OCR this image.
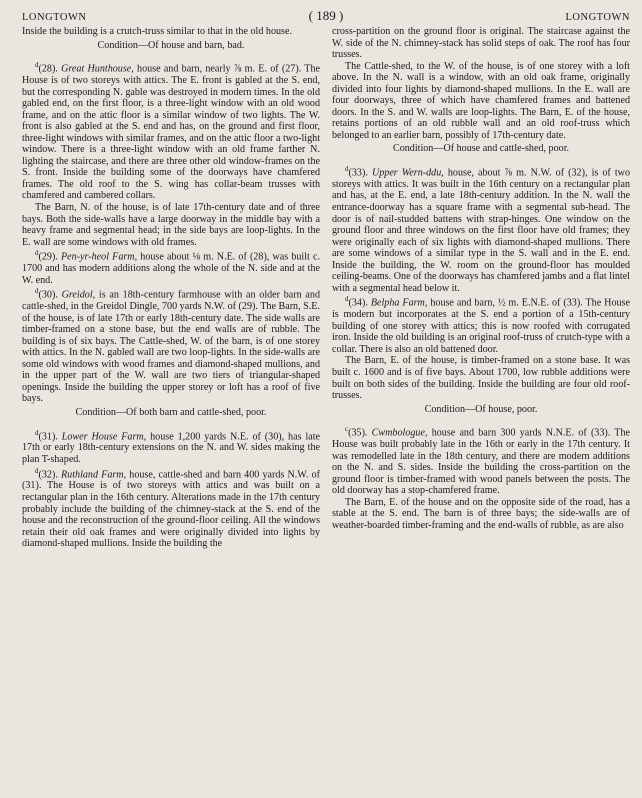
LONGTOWN	( 189 )	LONGTOWN

Inside the building is a crutch-truss similar to that in the old house.

Condition—Of house and barn, bad.

$^d$(28). Great Hunthouse, house and barn, nearly ⅞ m. E. of (27). The House is of two storeys with attics. The E. front is gabled at the S. end, but the corresponding N. gable was destroyed in modern times. In the old gabled end, on the first floor, is a three-light window with an old wood frame, and on the attic floor is a similar window of two lights. The W. front is also gabled at the S. end and has, on the ground and first floor, three-light windows with similar frames, and on the attic floor a two-light window. There is a three-light window with an old frame farther N. lighting the staircase, and there are three other old window-frames on the S. front. Inside the building some of the doorways have chamfered frames. The old roof to the S. wing has collar-beam trusses with chamfered and cambered collars.

The Barn, N. of the house, is of late 17th-century date and of three bays. Both the side-walls have a large doorway in the middle bay with a heavy frame and segmental head; in the side bays are loop-lights. In the E. wall are some windows with old frames.

$^d$(29). Pen-yr-heol Farm, house about ⅛ m. N.E. of (28), was built c. 1700 and has modern additions along the whole of the N. side and at the W. end.

$^d$(30). Greidol, is an 18th-century farmhouse with an older barn and cattle-shed, in the Greidol Dingle, 700 yards N.W. of (29). The Barn, S.E. of the house, is of late 17th or early 18th-century date. The side walls are timber-framed on a stone base, but the end walls are of rubble. The building is of six bays. The Cattle-shed, W. of the barn, is of one storey with attics. In the N. gabled wall are two loop-lights. In the side-walls are some old windows with wood frames and diamond-shaped mullions, and in the upper part of the W. wall are two tiers of triangular-shaped openings. Inside the building the upper storey or loft has a roof of five bays.

Condition—Of both barn and cattle-shed, poor.

$^d$(31). Lower House Farm, house 1,200 yards N.E. of (30), has late 17th or early 18th-century extensions on the N. and W. sides making the plan T-shaped.

$^d$(32). Ruthland Farm, house, cattle-shed and barn 400 yards N.W. of (31). The House is of two storeys with attics and was built on a rectangular plan in the 16th century. Alterations made in the 17th century probably include the building of the chimney-stack at the S. end of the house and the reconstruction of the ground-floor ceiling. All the windows retain their old oak frames and were originally divided into lights by diamond-shaped mullions. Inside the building the

cross-partition on the ground floor is original. The staircase against the W. side of the N. chimney-stack has solid steps of oak. The roof has four trusses.

The Cattle-shed, to the W. of the house, is of one storey with a loft above. In the N. wall is a window, with an old oak frame, originally divided into four lights by diamond-shaped mullions. In the E. wall are four doorways, three of which have chamfered frames and battened doors. In the S. and W. walls are loop-lights. The Barn, E. of the house, retains portions of an old rubble wall and an old roof-truss which belonged to an earlier barn, possibly of 17th-century date.

Condition—Of house and cattle-shed, poor.

$^d$(33). Upper Wern-ddu, house, about ⅞ m. N.W. of (32), is of two storeys with attics. It was built in the 16th century on a rectangular plan and has, at the E. end, a late 18th-century addition. In the N. wall the entrance-doorway has a square frame with a segmental sub-head. The door is of nail-studded battens with strap-hinges. One window on the ground floor and three windows on the first floor have old frames; they were originally each of six lights with diamond-shaped mullions. There are some windows of a similar type in the S. wall and in the E. end. Inside the building, the W. room on the ground-floor has moulded ceiling-beams. One of the doorways has chamfered jambs and a flat lintel with a segmental head below it.

$^d$(34). Belpha Farm, house and barn, ½ m. E.N.E. of (33). The House is modern but incorporates at the S. end a portion of a 15th-century building of one storey with attics; this is now roofed with corrugated iron. Inside the old building is an original roof-truss of crutch-type with a collar. There is also an old battened door.

The Barn, E. of the house, is timber-framed on a stone base. It was built c. 1600 and is of five bays. About 1700, low rubble additions were built on both sides of the building. Inside the building are four old roof-trusses.

Condition—Of house, poor.

$^c$(35). Cwmbologue, house and barn 300 yards N.N.E. of (33). The House was built probably late in the 16th or early in the 17th century. It was remodelled late in the 18th century, and there are modern additions on the N. and S. sides. Inside the building the cross-partition on the ground floor is timber-framed with wood panels between the posts. The old doorway has a stop-chamfered frame.

The Barn, E. of the house and on the opposite side of the road, has a stable at the S. end. The barn is of three bays; the side-walls are of weather-boarded timber-framing and the end-walls of rubble, as are also
